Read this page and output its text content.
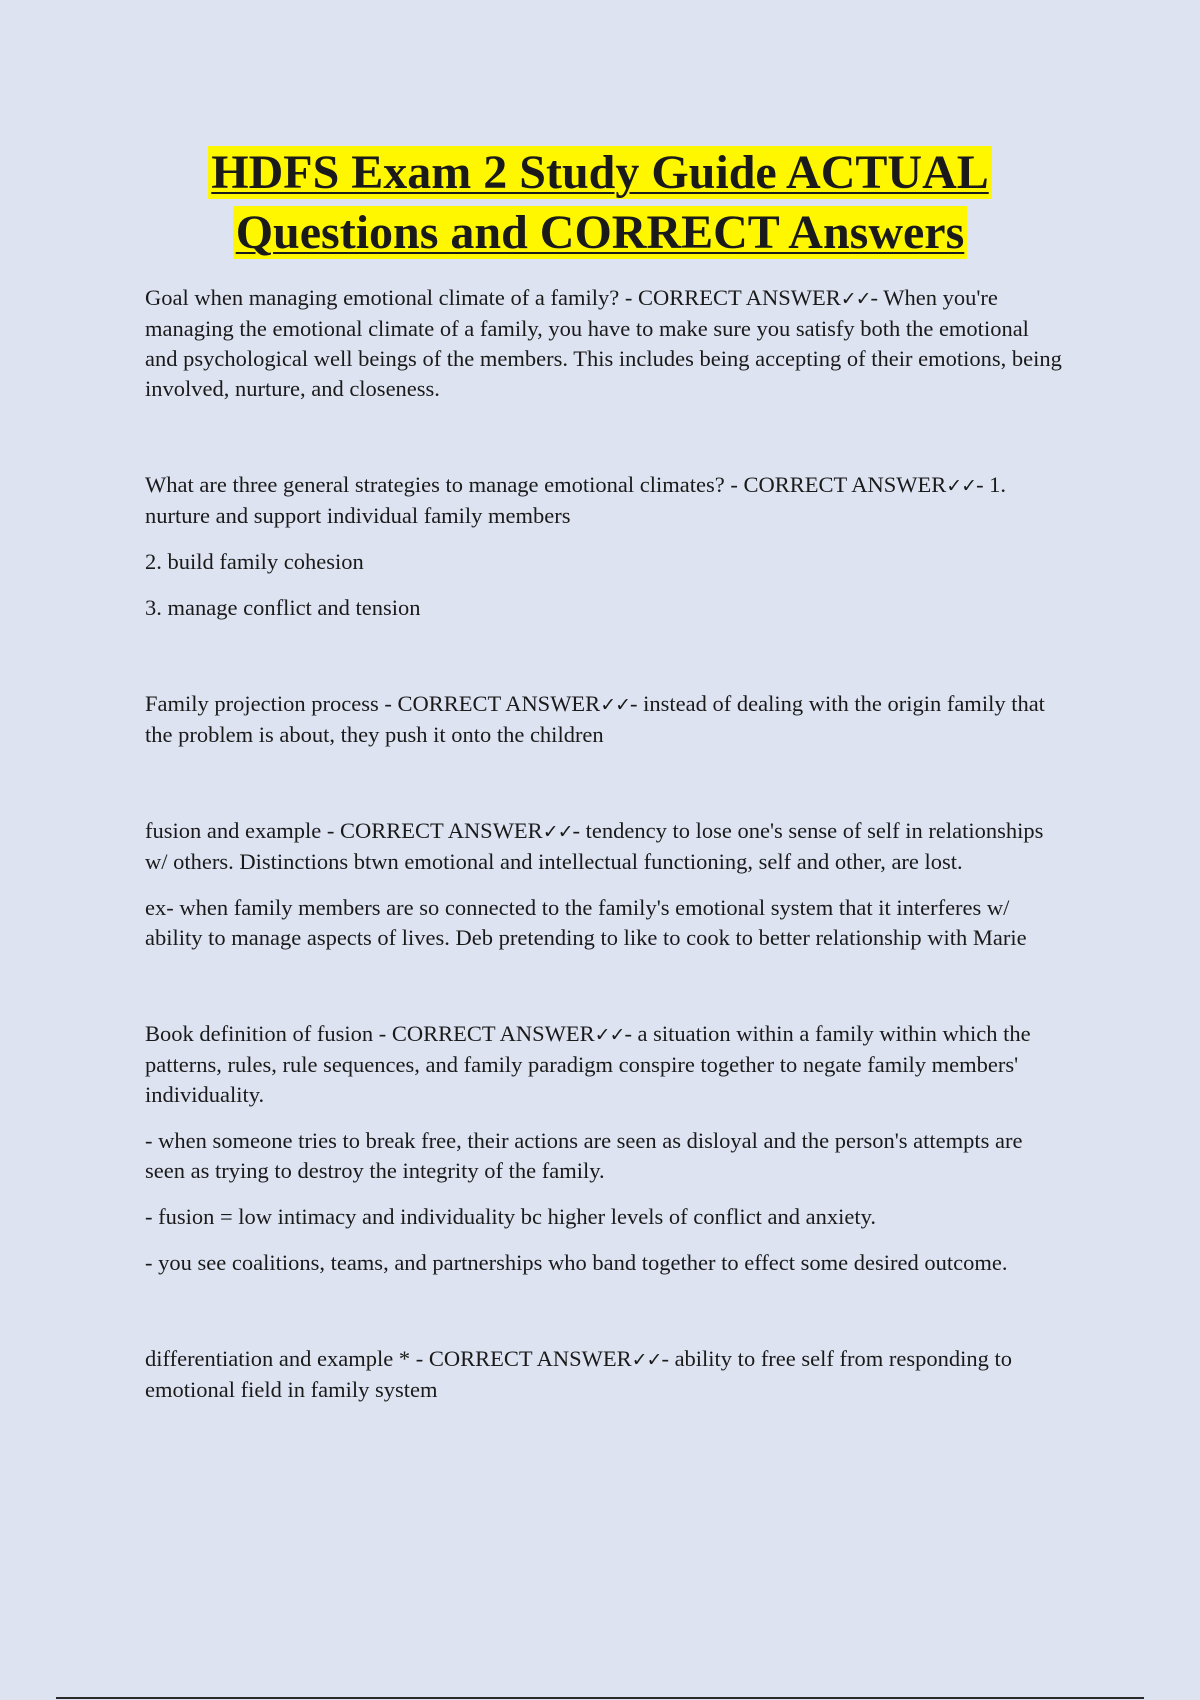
HDFS Exam 2 Study Guide ACTUAL
Questions and CORRECT Answers

Goal when managing emotional climate of a family? - CORRECT ANSWER✓✓- When you're managing the emotional climate of a family, you have to make sure you satisfy both the emotional and psychological well beings of the members. This includes being accepting of their emotions, being involved, nurture, and closeness.

What are three general strategies to manage emotional climates? - CORRECT ANSWER✓✓- 1. nurture and support individual family members

2. build family cohesion

3. manage conflict and tension

Family projection process - CORRECT ANSWER✓✓- instead of dealing with the origin family that the problem is about, they push it onto the children

fusion and example - CORRECT ANSWER✓✓- tendency to lose one's sense of self in relationships w/ others. Distinctions btwn emotional and intellectual functioning, self and other, are lost.

ex- when family members are so connected to the family's emotional system that it interferes w/ ability to manage aspects of lives. Deb pretending to like to cook to better relationship with Marie

Book definition of fusion - CORRECT ANSWER✓✓- a situation within a family within which the patterns, rules, rule sequences, and family paradigm conspire together to negate family members' individuality.

- when someone tries to break free, their actions are seen as disloyal and the person's attempts are seen as trying to destroy the integrity of the family.

- fusion = low intimacy and individuality bc higher levels of conflict and anxiety.

- you see coalitions, teams, and partnerships who band together to effect some desired outcome.

differentiation and example * - CORRECT ANSWER✓✓- ability to free self from responding to emotional field in family system
